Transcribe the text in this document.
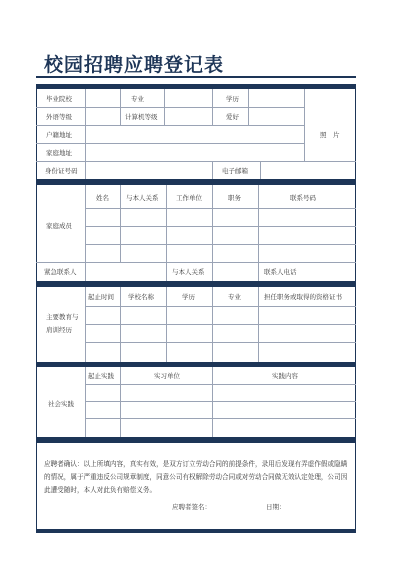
校园招聘应聘登记表
毕业院校	专业	学历
外语等级	计算机等级	爱好
户籍地址
家庭地址
身份证号码	电子邮箱
照　片
姓名	与本人关系	工作单位	职务	联系号码
家庭成员
紧急联系人	与本人关系	联系人电话
起止时间 学校名称	学历	专业	担任职务或取得的资格证书
主要教育与
肩训经历
起止实践	实习单位	实践内容
社会实践
应聘者确认：以上所填内容，真实有效，是双方订立劳动合同的前提条件，录用后发现有弄虚作假或隐瞒的情况，属于严重违反公司规章制度，同意公司有权解除劳动合同或对劳动合同做无效认定处理，公司因此遭受随时，本人对此负有赔偿义务。
应聘者签名：	日期：
